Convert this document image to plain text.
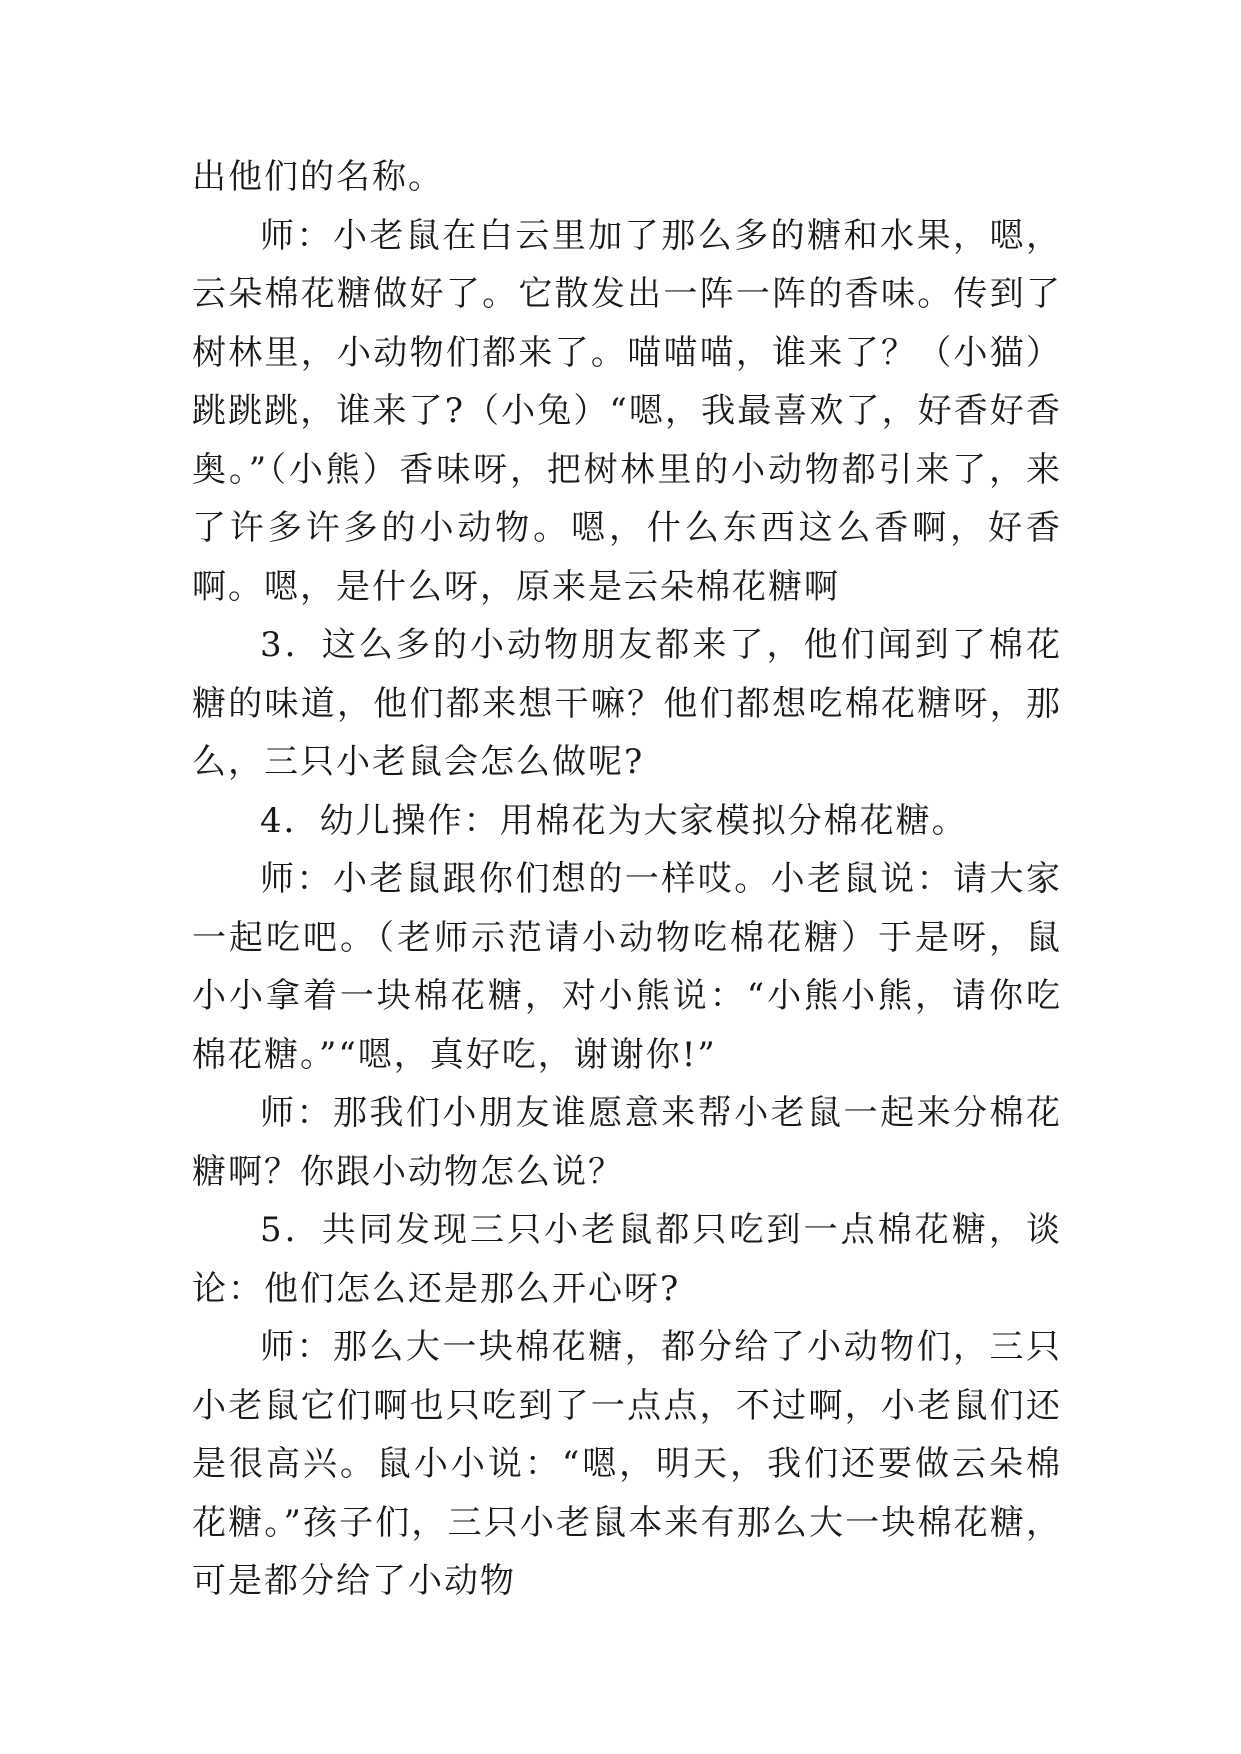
出他们的名称。

师：小老鼠在白云里加了那么多的糖和水果，嗯，云朵棉花糖做好了。它散发出一阵一阵的香味。传到了树林里，小动物们都来了。喵喵喵，谁来了？（小猫）跳跳跳，谁来了?（小兔）“嗯，我最喜欢了，好香好香奥。”（小熊）香味呀，把树林里的小动物都引来了，来了许多许多的小动物。嗯，什么东西这么香啊，好香啊。嗯，是什么呀，原来是云朵棉花糖啊

3．这么多的小动物朋友都来了，他们闻到了棉花糖的味道，他们都来想干嘛？他们都想吃棉花糖呀，那么，三只小老鼠会怎么做呢?

4．幼儿操作：用棉花为大家模拟分棉花糖。

师：小老鼠跟你们想的一样哎。小老鼠说：请大家一起吃吧。（老师示范请小动物吃棉花糖）于是呀，鼠小小拿着一块棉花糖，对小熊说：“小熊小熊，请你吃棉花糖。”“嗯，真好吃，谢谢你!”

师：那我们小朋友谁愿意来帮小老鼠一起来分棉花糖啊？你跟小动物怎么说？

5．共同发现三只小老鼠都只吃到一点棉花糖，谈论：他们怎么还是那么开心呀?

师：那么大一块棉花糖，都分给了小动物们，三只小老鼠它们啊也只吃到了一点点，不过啊，小老鼠们还是很高兴。鼠小小说：“嗯，明天，我们还要做云朵棉花糖。”孩子们，三只小老鼠本来有那么大一块棉花糖，可是都分给了小动物
